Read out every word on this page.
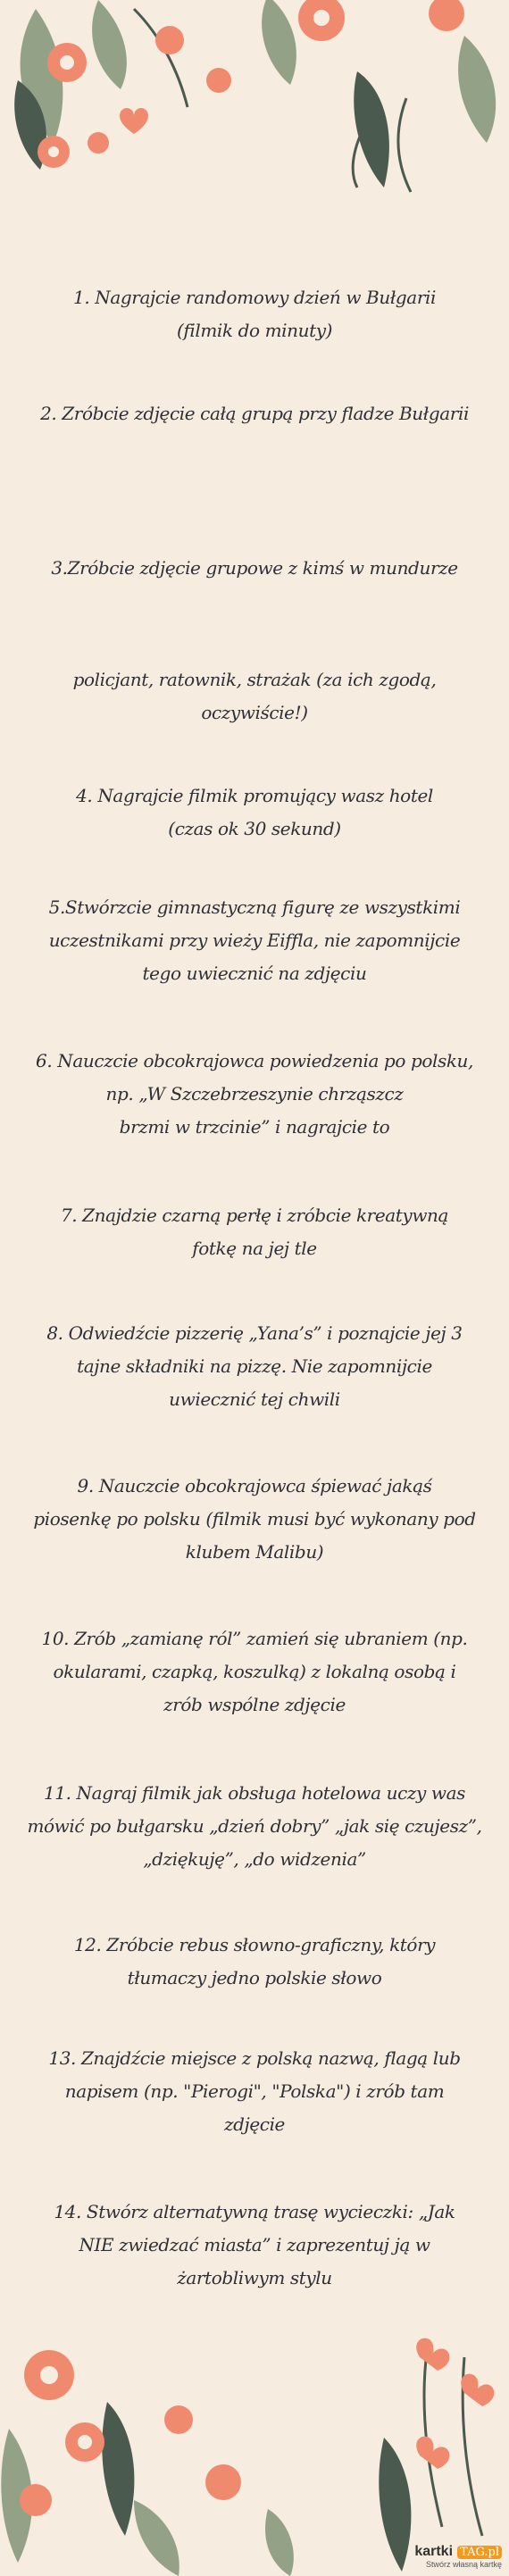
1. Nagrajcie randomowy dzień w Bułgarii
(filmik do minuty)
2. Zróbcie zdjęcie całą grupą przy fladze Bułgarii
3.Zróbcie zdjęcie grupowe z kimś w mundurze
policjant, ratownik, strażak (za ich zgodą,
oczywiście!)
4. Nagrajcie filmik promujący wasz hotel
(czas ok 30 sekund)
5.Stwórzcie gimnastyczną figurę ze wszystkimi
uczestnikami przy wieży Eiffla, nie zapomnijcie
tego uwiecznić na zdjęciu
6. Nauczcie obcokrajowca powiedzenia po polsku,
np. „W Szczebrzeszynie chrząszcz
brzmi w trzcinie” i nagrajcie to
7. Znajdzie czarną perłę i zróbcie kreatywną
fotkę na jej tle
8. Odwiedźcie pizzerię „Yana’s” i poznajcie jej 3
tajne składniki na pizzę. Nie zapomnijcie
uwiecznić tej chwili
9. Nauczcie obcokrajowca śpiewać jakąś
piosenkę po polsku (filmik musi być wykonany pod
klubem Malibu)
10. Zrób „zamianę ról” zamień się ubraniem (np.
okularami, czapką, koszulką) z lokalną osobą i
zrób wspólne zdjęcie
11. Nagraj filmik jak obsługa hotelowa uczy was
mówić po bułgarsku „dzień dobry” „jak się czujesz”,
„dziękuję”, „do widzenia”
12. Zróbcie rebus słowno-graficzny, który
tłumaczy jedno polskie słowo
13. Znajdźcie miejsce z polską nazwą, flagą lub
napisem (np. "Pierogi", "Polska") i zrób tam
zdjęcie
14. Stwórz alternatywną trasę wycieczki: „Jak
NIE zwiedzać miasta” i zaprezentuj ją w
żartobliwym stylu
kartki TAG.pl
Stwórz własną kartkę
